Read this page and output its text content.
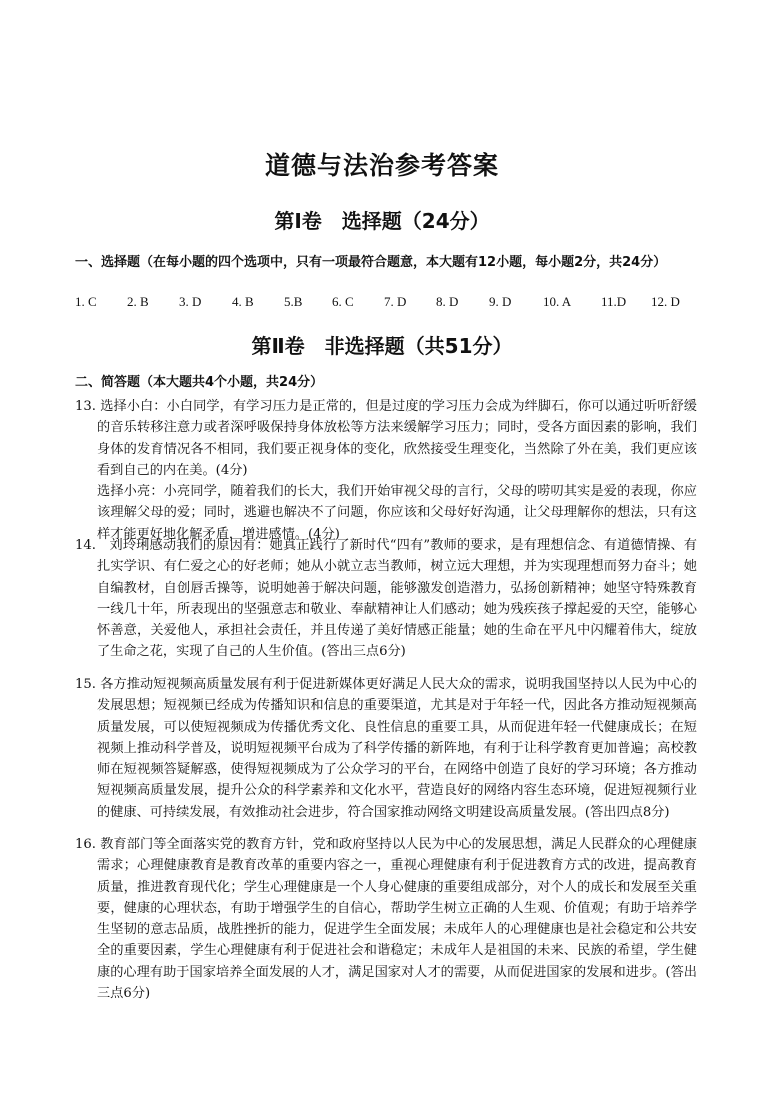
道德与法治参考答案
第Ⅰ卷　选择题（24分）
一、选择题（在每小题的四个选项中，只有一项最符合题意，本大题有12小题，每小题2分，共24分）
1. C 2. B 3. D 4. B 5.B 6. C 7. D 8. D 9. D 10. A 11.D 12. D
第Ⅱ卷　非选择题（共51分）
二、简答题（本大题共4个小题，共24分）

13. 选择小白：小白同学，有学习压力是正常的，但是过度的学习压力会成为绊脚石，你可以通过听听舒缓的音乐转移注意力或者深呼吸保持身体放松等方法来缓解学习压力；同时，受各方面因素的影响，我们身体的发育情况各不相同，我们要正视身体的变化，欣然接受生理变化，当然除了外在美，我们更应该看到自己的内在美。(4分)

选择小亮：小亮同学，随着我们的长大，我们开始审视父母的言行，父母的唠叨其实是爱的表现，你应该理解父母的爱；同时，逃避也解决不了问题，你应该和父母好好沟通，让父母理解你的想法，只有这样才能更好地化解矛盾，增进感情。(4分)

14.　刘玲琍感动我们的原因有：她真正践行了新时代“四有”教师的要求，是有理想信念、有道德情操、有扎实学识、有仁爱之心的好老师；她从小就立志当教师，树立远大理想，并为实现理想而努力奋斗；她自编教材，自创唇舌操等，说明她善于解决问题，能够激发创造潜力，弘扬创新精神；她坚守特殊教育一线几十年，所表现出的坚强意志和敬业、奉献精神让人们感动；她为残疾孩子撑起爱的天空，能够心怀善意，关爱他人，承担社会责任，并且传递了美好情感正能量；她的生命在平凡中闪耀着伟大，绽放了生命之花，实现了自己的人生价值。(答出三点6分)

15. 各方推动短视频高质量发展有利于促进新媒体更好满足人民大众的需求，说明我国坚持以人民为中心的发展思想；短视频已经成为传播知识和信息的重要渠道，尤其是对于年轻一代，因此各方推动短视频高质量发展，可以使短视频成为传播优秀文化、良性信息的重要工具，从而促进年轻一代健康成长；在短视频上推动科学普及，说明短视频平台成为了科学传播的新阵地，有利于让科学教育更加普遍；高校教师在短视频答疑解惑，使得短视频成为了公众学习的平台，在网络中创造了良好的学习环境；各方推动短视频高质量发展，提升公众的科学素养和文化水平，营造良好的网络内容生态环境，促进短视频行业的健康、可持续发展，有效推动社会进步，符合国家推动网络文明建设高质量发展。(答出四点8分)

16. 教育部门等全面落实党的教育方针，党和政府坚持以人民为中心的发展思想，满足人民群众的心理健康需求；心理健康教育是教育改革的重要内容之一，重视心理健康有利于促进教育方式的改进，提高教育质量，推进教育现代化；学生心理健康是一个人身心健康的重要组成部分，对个人的成长和发展至关重要，健康的心理状态，有助于增强学生的自信心，帮助学生树立正确的人生观、价值观；有助于培养学生坚韧的意志品质，战胜挫折的能力，促进学生全面发展；未成年人的心理健康也是社会稳定和公共安全的重要因素，学生心理健康有利于促进社会和谐稳定；未成年人是祖国的未来、民族的希望，学生健康的心理有助于国家培养全面发展的人才，满足国家对人才的需要，从而促进国家的发展和进步。(答出三点6分)
